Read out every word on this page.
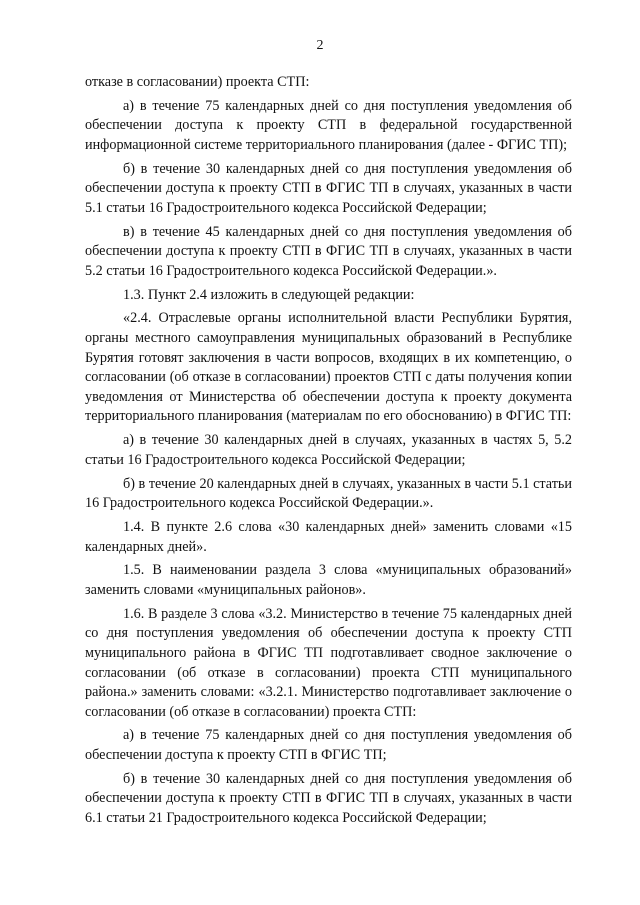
2

отказе в согласовании) проекта СТП:

а) в течение 75 календарных дней со дня поступления уведомления об обеспечении доступа к проекту СТП в федеральной государственной информационной системе территориального планирования (далее - ФГИС ТП);

б) в течение 30 календарных дней со дня поступления уведомления об обеспечении доступа к проекту СТП в ФГИС ТП в случаях, указанных в части 5.1 статьи 16 Градостроительного кодекса Российской Федерации;

в) в течение 45 календарных дней со дня поступления уведомления об обеспечении доступа к проекту СТП в ФГИС ТП в случаях, указанных в части 5.2 статьи 16 Градостроительного кодекса Российской Федерации.».

1.3. Пункт 2.4 изложить в следующей редакции:

«2.4. Отраслевые органы исполнительной власти Республики Бурятия, органы местного самоуправления муниципальных образований в Республике Бурятия готовят заключения в части вопросов, входящих в их компетенцию, о согласовании (об отказе в согласовании) проектов СТП с даты получения копии уведомления от Министерства об обеспечении доступа к проекту документа территориального планирования (материалам по его обоснованию) в ФГИС ТП:

а) в течение 30 календарных дней в случаях, указанных в частях 5, 5.2 статьи 16 Градостроительного кодекса Российской Федерации;

б) в течение 20 календарных дней в случаях, указанных в части 5.1 статьи 16 Градостроительного кодекса Российской Федерации.».

1.4. В пункте 2.6 слова «30 календарных дней» заменить словами «15 календарных дней».

1.5. В наименовании раздела 3 слова «муниципальных образований» заменить словами «муниципальных районов».

1.6. В разделе 3 слова «3.2. Министерство в течение 75 календарных дней со дня поступления уведомления об обеспечении доступа к проекту СТП муниципального района в ФГИС ТП подготавливает сводное заключение о согласовании (об отказе в согласовании) проекта СТП муниципального района.» заменить словами: «3.2.1. Министерство подготавливает заключение о согласовании (об отказе в согласовании) проекта СТП:

а) в течение 75 календарных дней со дня поступления уведомления об обеспечении доступа к проекту СТП в ФГИС ТП;

б) в течение 30 календарных дней со дня поступления уведомления об обеспечении доступа к проекту СТП в ФГИС ТП в случаях, указанных в части 6.1 статьи 21 Градостроительного кодекса Российской Федерации;
